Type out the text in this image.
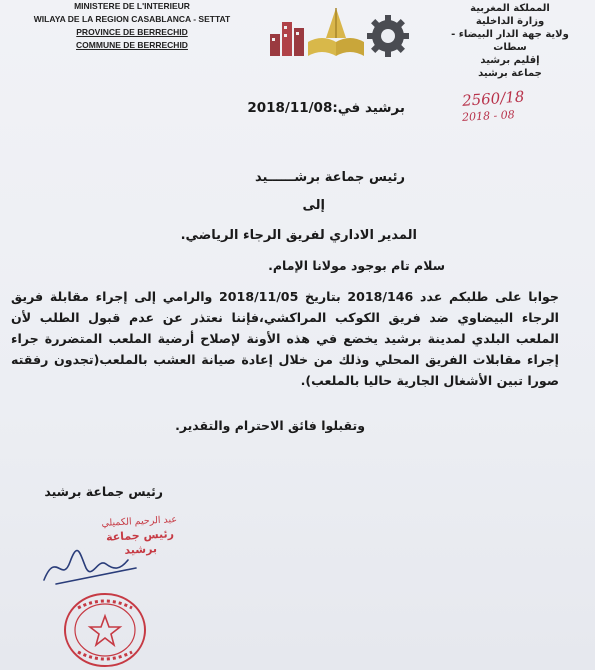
MINISTERE DE L'INTERIEUR
WILAYA DE LA REGION CASABLANCA - SETTAT
PROVINCE DE BERRECHID
COMMUNE DE BERRECHID
المملكة المغربية
وزارة الداخلية
ولاية جهة الدار البيضاء - سطات
إقليم برشيد
جماعة برشيد
2560/18
2018 - 08
برشيد في:2018/11/08
رئيس جماعة برشــــــيد
إلى
المدير الاداري لفريق الرجاء الرياضي.
سلام تام بوجود مولانا الإمام.
جوابا على طلبكم عدد 2018/146 بتاريخ 2018/11/05 والرامي إلى إجراء مقابلة فريق الرجاء البيضاوي ضد فريق الكوكب المراكشي،فإننا نعتذر عن عدم قبول الطلب لأن الملعب البلدي لمدينة برشيد يخضع في هذه الأونة لإصلاح أرضية الملعب المتضررة جراء إجراء مقابلات الفريق المحلي وذلك من خلال إعادة صيانة العشب بالملعب(تجدون رفقته صورا تبين الأشغال الجارية حاليا بالملعب).
وتقبلوا فائق الاحترام والتقدير.
رئيس جماعة برشيد
عبد الرحيم الكميلي
رئيس جماعة برشيد
